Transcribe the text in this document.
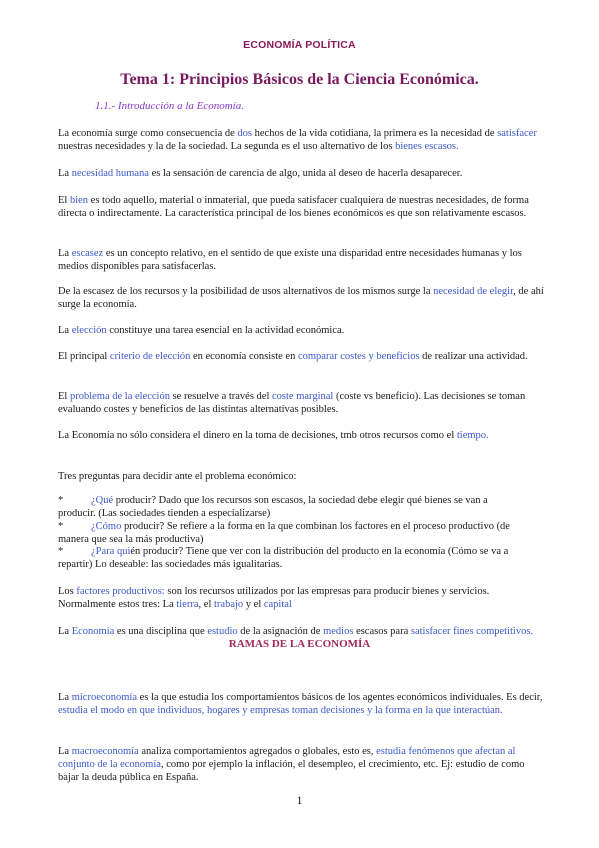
ECONOMÍA POLÍTICA
Tema 1: Principios Básicos de la Ciencia Económica.
1.1.- Introducción a la Economía.
La economía surge como consecuencia de dos hechos de la vida cotidiana, la primera es la necesidad de satisfacer nuestras necesidades y la de la sociedad. La segunda es el uso alternativo de los bienes escasos.
La necesidad humana es la sensación de carencia de algo, unida al deseo de hacerla desaparecer.
El bien es todo aquello, material o inmaterial, que pueda satisfacer cualquiera de nuestras necesidades, de forma directa o indirectamente. La característica principal de los bienes económicos es que son relativamente escasos.
La escasez es un concepto relativo, en el sentido de que existe una disparidad entre necesidades humanas y los medios disponibles para satisfacerlas.
De la escasez de los recursos y la posibilidad de usos alternativos de los mismos surge la necesidad de elegir, de ahí surge la economía.
La elección constituye una tarea esencial en la actividad económica.
El principal criterio de elección en economía consiste en comparar costes y beneficios de realizar una actividad.
El problema de la elección se resuelve a través del coste marginal (coste vs beneficio). Las decisiones se toman evaluando costes y beneficios de las distintas alternativas posibles.
La Economía no sólo considera el dinero en la toma de decisiones, tmb otros recursos como el tiempo.
Tres preguntas para decidir ante el problema económico:
*	¿Qué producir? Dado que los recursos son escasos, la sociedad debe elegir qué bienes se van a
producir. (Las sociedades tienden a especializarse)
*	¿Cómo producir? Se refiere a la forma en la que combinan los factores en el proceso productivo (de
manera que sea la más productiva)
*	¿Para quién producir? Tiene que ver con la distribución del producto en la economía (Cómo se va a
repartir) Lo deseable: las sociedades más igualitarias.
Los factores productivos: son los recursos utilizados por las empresas para producir bienes y servicios. Normalmente estos tres: La tierra, el trabajo y el capital
La Economía es una disciplina que estudio de la asignación de medios escasos para satisfacer fines competitivos.
RAMAS DE LA ECONOMÍA
La microeconomía es la que estudia los comportamientos básicos de los agentes económicos individuales. Es decir, estudia el modo en que individuos, hogares y empresas toman decisiones y la forma en la que interactúan.
La macroeconomía analiza comportamientos agregados o globales, esto es, estudia fenómenos que afectan al conjunto de la economía, como por ejemplo la inflación, el desempleo, el crecimiento, etc. Ej: estudio de como bajar la deuda pública en España.
1
